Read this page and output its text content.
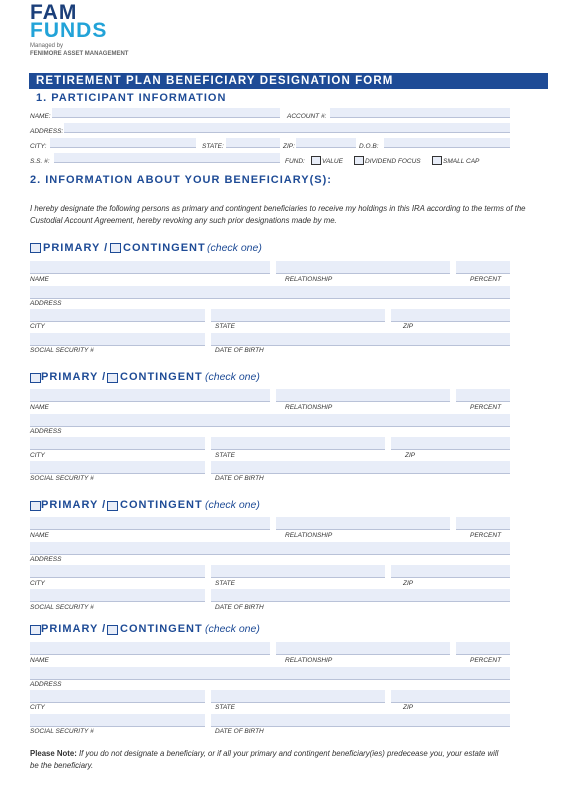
FAM
FUNDS
Managed by
FENIMORE ASSET MANAGEMENT
RETIREMENT PLAN BENEFICIARY DESIGNATION FORM
1. PARTICIPANT INFORMATION
NAME:	ACCOUNT #:
ADDRESS:
CITY:	STATE:	ZIP:	D.O.B:
S.S. #:	FUND:	VALUE	DIVIDEND FOCUS	SMALL CAP
2. INFORMATION ABOUT YOUR BENEFICIARY(S):
I hereby designate the following persons as primary and contingent beneficiaries to receive my holdings in this IRA according to the terms of the Custodial Account Agreement, hereby revoking any such prior designations made by me.
PRIMARY / CONTINGENT (check one)
NAME	RELATIONSHIP	PERCENT
ADDRESS
CITY	STATE	ZIP
SOCIAL SECURITY #	DATE OF BIRTH
PRIMARY / CONTINGENT (check one)
NAME	RELATIONSHIP	PERCENT
ADDRESS
CITY	STATE	ZIP
SOCIAL SECURITY #	DATE OF BIRTH
PRIMARY / CONTINGENT (check one)
NAME	RELATIONSHIP	PERCENT
ADDRESS
CITY	STATE	ZIP
SOCIAL SECURITY #	DATE OF BIRTH
PRIMARY / CONTINGENT (check one)
NAME	RELATIONSHIP	PERCENT
ADDRESS
CITY	STATE	ZIP
SOCIAL SECURITY #	DATE OF BIRTH
Please Note: If you do not designate a beneficiary, or if all your primary and contingent beneficiary(ies) predecease you, your estate will be the beneficiary.
